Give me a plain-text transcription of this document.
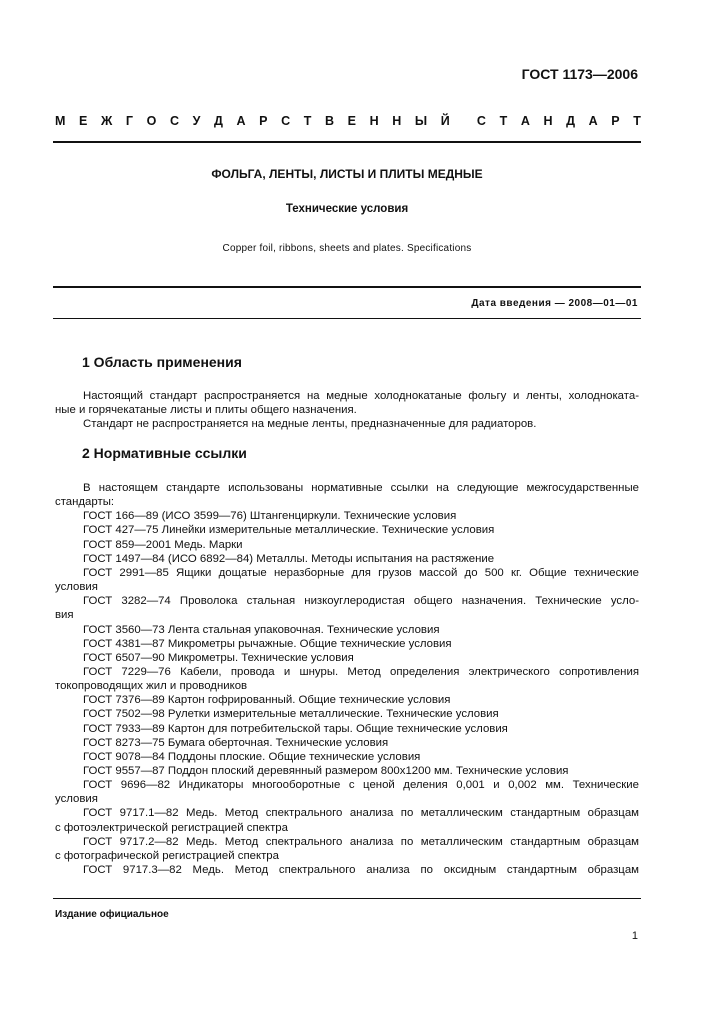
ГОСТ 1173—2006
М Е Ж Г О С У Д А Р С Т В Е Н Н Ы Й С Т А Н Д А Р Т
ФОЛЬГА, ЛЕНТЫ, ЛИСТЫ И ПЛИТЫ МЕДНЫЕ
Технические условия
Copper foil, ribbons, sheets and plates. Specifications
Дата введения — 2008—01—01
1 Область применения
Настоящий стандарт распространяется на медные холоднокатаные фольгу и ленты, холодноката-
ные и горячекатаные листы и плиты общего назначения.
Стандарт не распространяется на медные ленты, предназначенные для радиаторов.
2 Нормативные ссылки
В настоящем стандарте использованы нормативные ссылки на следующие межгосударственные
стандарты:
ГОСТ 166—89 (ИСО 3599—76) Штангенциркули. Технические условия
ГОСТ 427—75 Линейки измерительные металлические. Технические условия
ГОСТ 859—2001 Медь. Марки
ГОСТ 1497—84 (ИСО 6892—84) Металлы. Методы испытания на растяжение
ГОСТ 2991—85 Ящики дощатые неразборные для грузов массой до 500 кг. Общие технические
условия
ГОСТ 3282—74 Проволока стальная низкоуглеродистая общего назначения. Технические усло-
вия
ГОСТ 3560—73 Лента стальная упаковочная. Технические условия
ГОСТ 4381—87 Микрометры рычажные. Общие технические условия
ГОСТ 6507—90 Микрометры. Технические условия
ГОСТ 7229—76 Кабели, провода и шнуры. Метод определения электрического сопротивления
токопроводящих жил и проводников
ГОСТ 7376—89 Картон гофрированный. Общие технические условия
ГОСТ 7502—98 Рулетки измерительные металлические. Технические условия
ГОСТ 7933—89 Картон для потребительской тары. Общие технические условия
ГОСТ 8273—75 Бумага оберточная. Технические условия
ГОСТ 9078—84 Поддоны плоские. Общие технические условия
ГОСТ 9557—87 Поддон плоский деревянный размером 800х1200 мм. Технические условия
ГОСТ 9696—82 Индикаторы многооборотные с ценой деления 0,001 и 0,002 мм. Технические
условия
ГОСТ 9717.1—82 Медь. Метод спектрального анализа по металлическим стандартным образцам
с фотоэлектрической регистрацией спектра
ГОСТ 9717.2—82 Медь. Метод спектрального анализа по металлическим стандартным образцам
с фотографической регистрацией спектра
ГОСТ 9717.3—82 Медь. Метод спектрального анализа по оксидным стандартным образцам
Издание официальное
1
